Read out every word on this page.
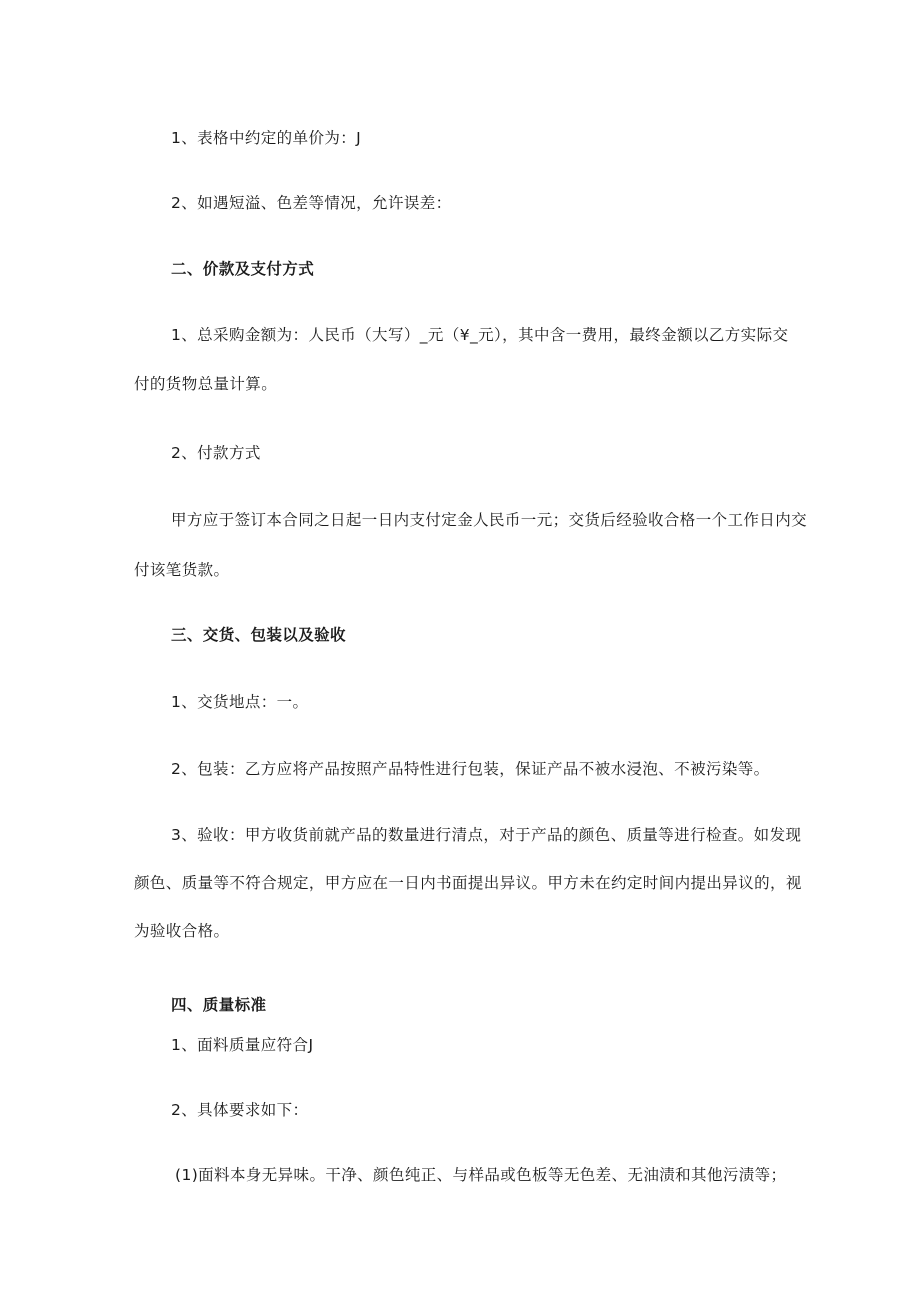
1、表格中约定的单价为：J
2、如遇短溢、色差等情况，允许误差：
二、价款及支付方式
1、总采购金额为：人民币（大写）_元（¥_元），其中含一费用，最终金额以乙方实际交
付的货物总量计算。
2、付款方式
甲方应于签订本合同之日起一日内支付定金人民币一元；交货后经验收合格一个工作日内交
付该笔货款。
三、交货、包装以及验收
1、交货地点：一。
2、包装：乙方应将产品按照产品特性进行包装，保证产品不被水浸泡、不被污染等。
3、验收：甲方收货前就产品的数量进行清点，对于产品的颜色、质量等进行检查。如发现
颜色、质量等不符合规定，甲方应在一日内书面提出异议。甲方未在约定时间内提出异议的，视
为验收合格。
四、质量标准
1、面料质量应符合J
2、具体要求如下：
(1)面料本身无异味。干净、颜色纯正、与样品或色板等无色差、无油渍和其他污渍等；
